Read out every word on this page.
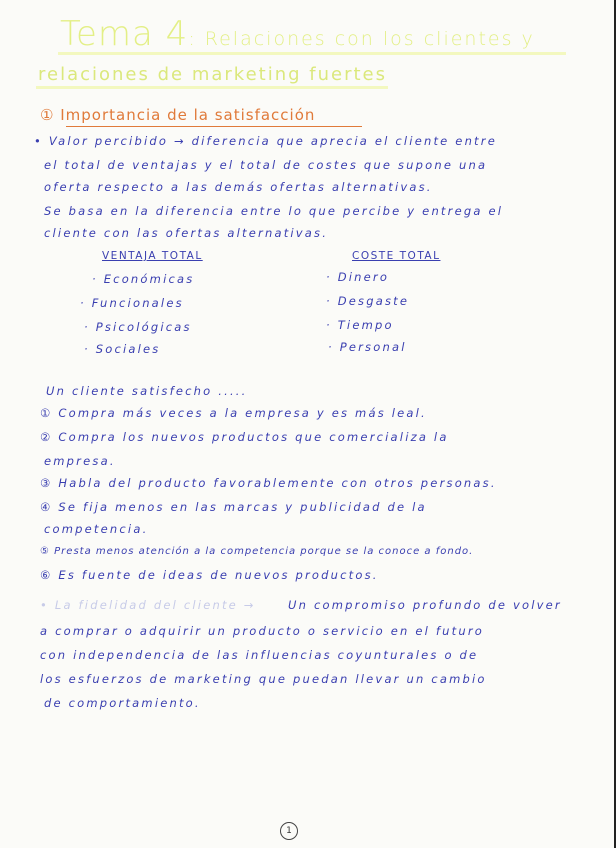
Tema 4: Relaciones con los clientes y
relaciones de marketing fuertes
① Importancia de la satisfacción
• Valor percibido → diferencia que aprecia el cliente entre
el total de ventajas y el total de costes que supone una
oferta respecto a las demás ofertas alternativas.
Se basa en la diferencia entre lo que percibe y entrega el
cliente con las ofertas alternativas.
VENTAJA TOTAL
· Económicas
· Funcionales
· Psicológicas
· Sociales
COSTE TOTAL
· Dinero
· Desgaste
· Tiempo
· Personal
Un cliente satisfecho .....
① Compra más veces a la empresa y es más leal.
② Compra los nuevos productos que comercializa la
empresa.
③ Habla del producto favorablemente con otros personas.
④ Se fija menos en las marcas y publicidad de la
competencia.
⑤ Presta menos atención a la competencia porque se la conoce a fondo.
⑥ Es fuente de ideas de nuevos productos.
• La fidelidad del cliente →	Un compromiso profundo de volver
a comprar o adquirir un producto o servicio en el futuro
con independencia de las influencias coyunturales o de
los esfuerzos de marketing que puedan llevar un cambio
de comportamiento.
1
